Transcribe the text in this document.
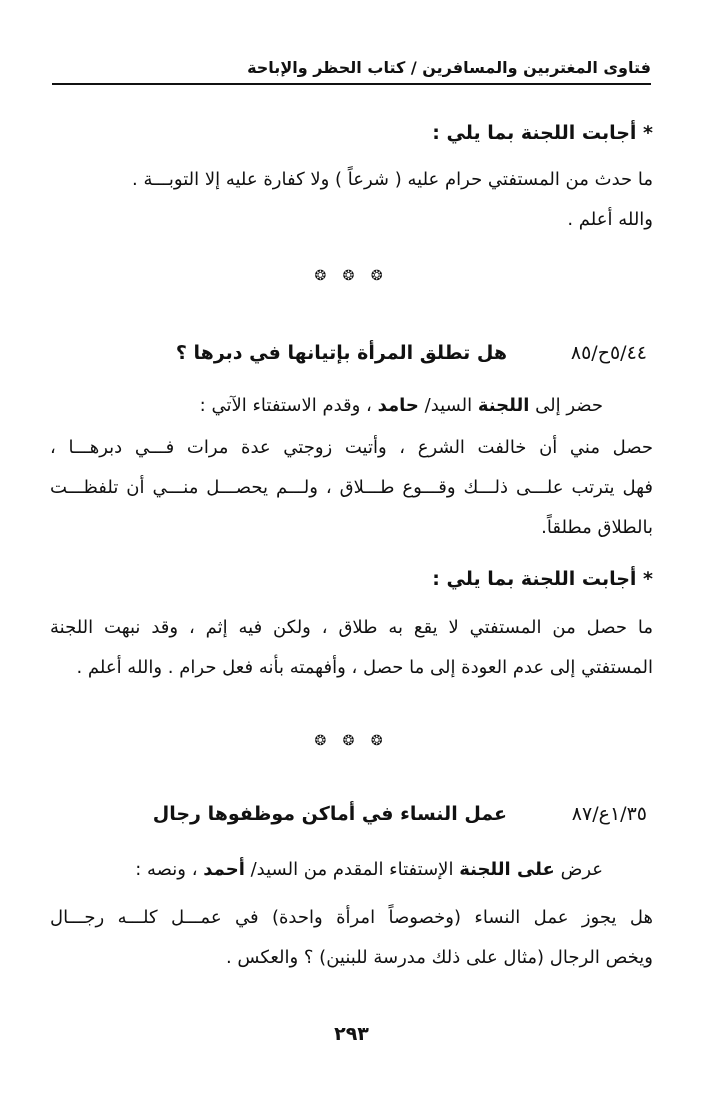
فتاوى المغتربين والمسافرين / كتاب الحظر والإباحة
* أجابت اللجنة بما يلي :
ما حدث من المستفتي حرام عليه ( شرعاً ) ولا كفارة عليه إلا التوبـــة .
والله أعلم .
❂ ❂ ❂
٥/٤٤ح/٨٥
هل تطلق المرأة بإتيانها في دبرها ؟
حضر إلى اللجنة السيد/ حامد ، وقدم الاستفتاء الآتي :
حصل مني أن خالفت الشرع ، وأتيت زوجتي عدة مرات فـــي دبرهـــا ،
فهل يترتب علـــى ذلـــك وقـــوع طـــلاق ، ولـــم يحصـــل منـــي أن تلفظـــت
بالطلاق مطلقاً.
* أجابت اللجنة بما يلي :
ما حصل من المستفتي لا يقع به طلاق ، ولكن فيه إثم ، وقد نبهت اللجنة
المستفتي إلى عدم العودة إلى ما حصل ، وأفهمته بأنه فعل حرام . والله أعلم .
❂ ❂ ❂
١/٣٥ع/٨٧
عمل النساء في أماكن موظفوها رجال
عرض على اللجنة الإستفتاء المقدم من السيد/ أحمد ، ونصه :
هل يجوز عمل النساء (وخصوصاً امرأة واحدة) في عمـــل كلـــه رجـــال
ويخص الرجال (مثال على ذلك مدرسة للبنين) ؟ والعكس .
٢٩٣
